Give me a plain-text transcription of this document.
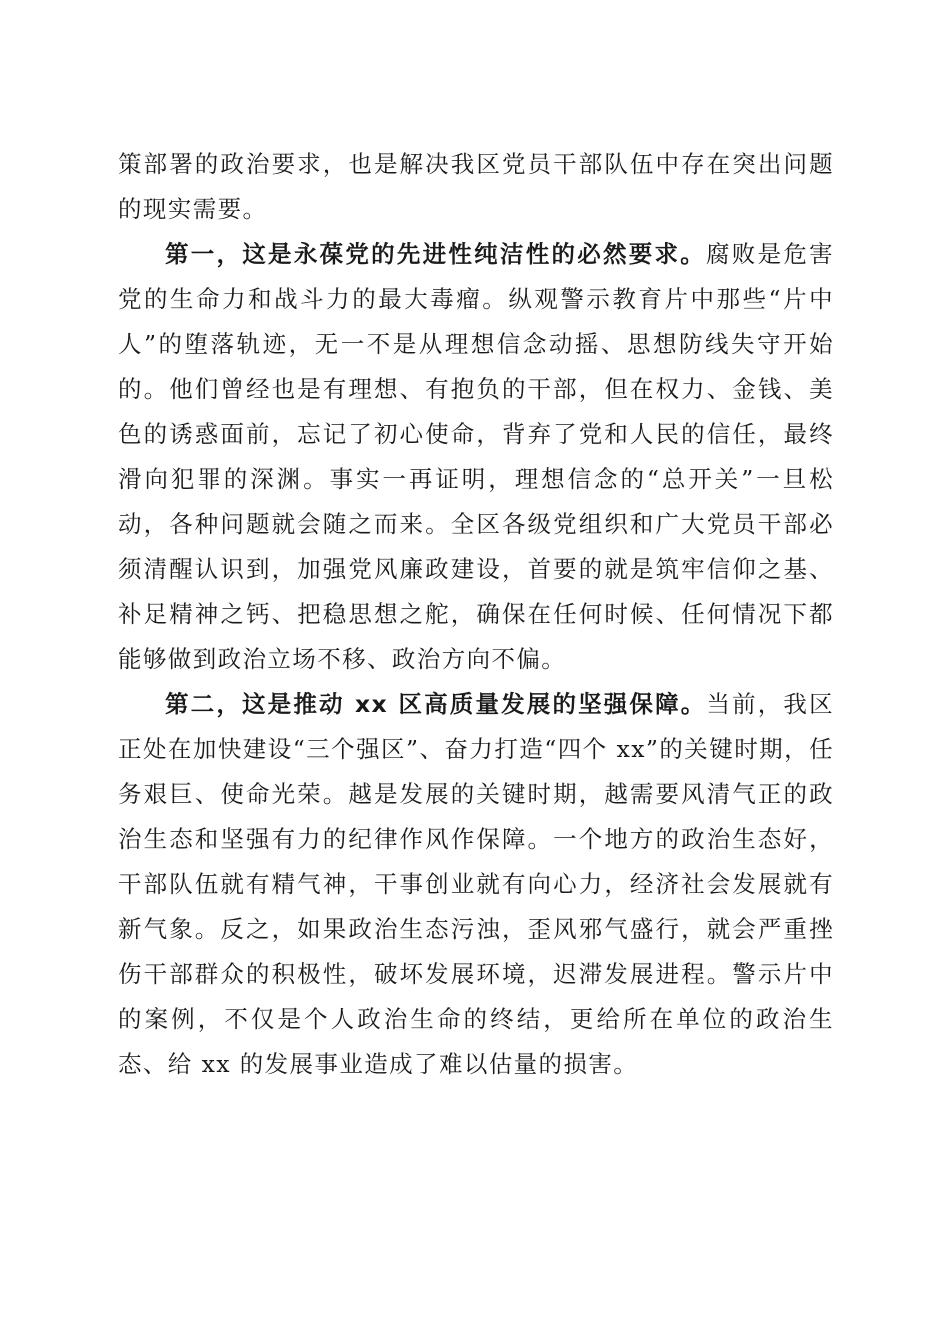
策部署的政治要求，也是解决我区党员干部队伍中存在突出问题的现实需要。

第一，这是永葆党的先进性纯洁性的必然要求。腐败是危害党的生命力和战斗力的最大毒瘤。纵观警示教育片中那些“片中人”的堕落轨迹，无一不是从理想信念动摇、思想防线失守开始的。他们曾经也是有理想、有抱负的干部，但在权力、金钱、美色的诱惑面前，忘记了初心使命，背弃了党和人民的信任，最终滑向犯罪的深渊。事实一再证明，理想信念的“总开关”一旦松动，各种问题就会随之而来。全区各级党组织和广大党员干部必须清醒认识到，加强党风廉政建设，首要的就是筑牢信仰之基、补足精神之钙、把稳思想之舵，确保在任何时候、任何情况下都能够做到政治立场不移、政治方向不偏。

第二，这是推动 xx 区高质量发展的坚强保障。当前，我区正处在加快建设“三个强区”、奋力打造“四个 xx”的关键时期，任务艰巨、使命光荣。越是发展的关键时期，越需要风清气正的政治生态和坚强有力的纪律作风作保障。一个地方的政治生态好，干部队伍就有精气神，干事创业就有向心力，经济社会发展就有新气象。反之，如果政治生态污浊，歪风邪气盛行，就会严重挫伤干部群众的积极性，破坏发展环境，迟滞发展进程。警示片中的案例，不仅是个人政治生命的终结，更给所在单位的政治生态、给 xx 的发展事业造成了难以估量的损害。
